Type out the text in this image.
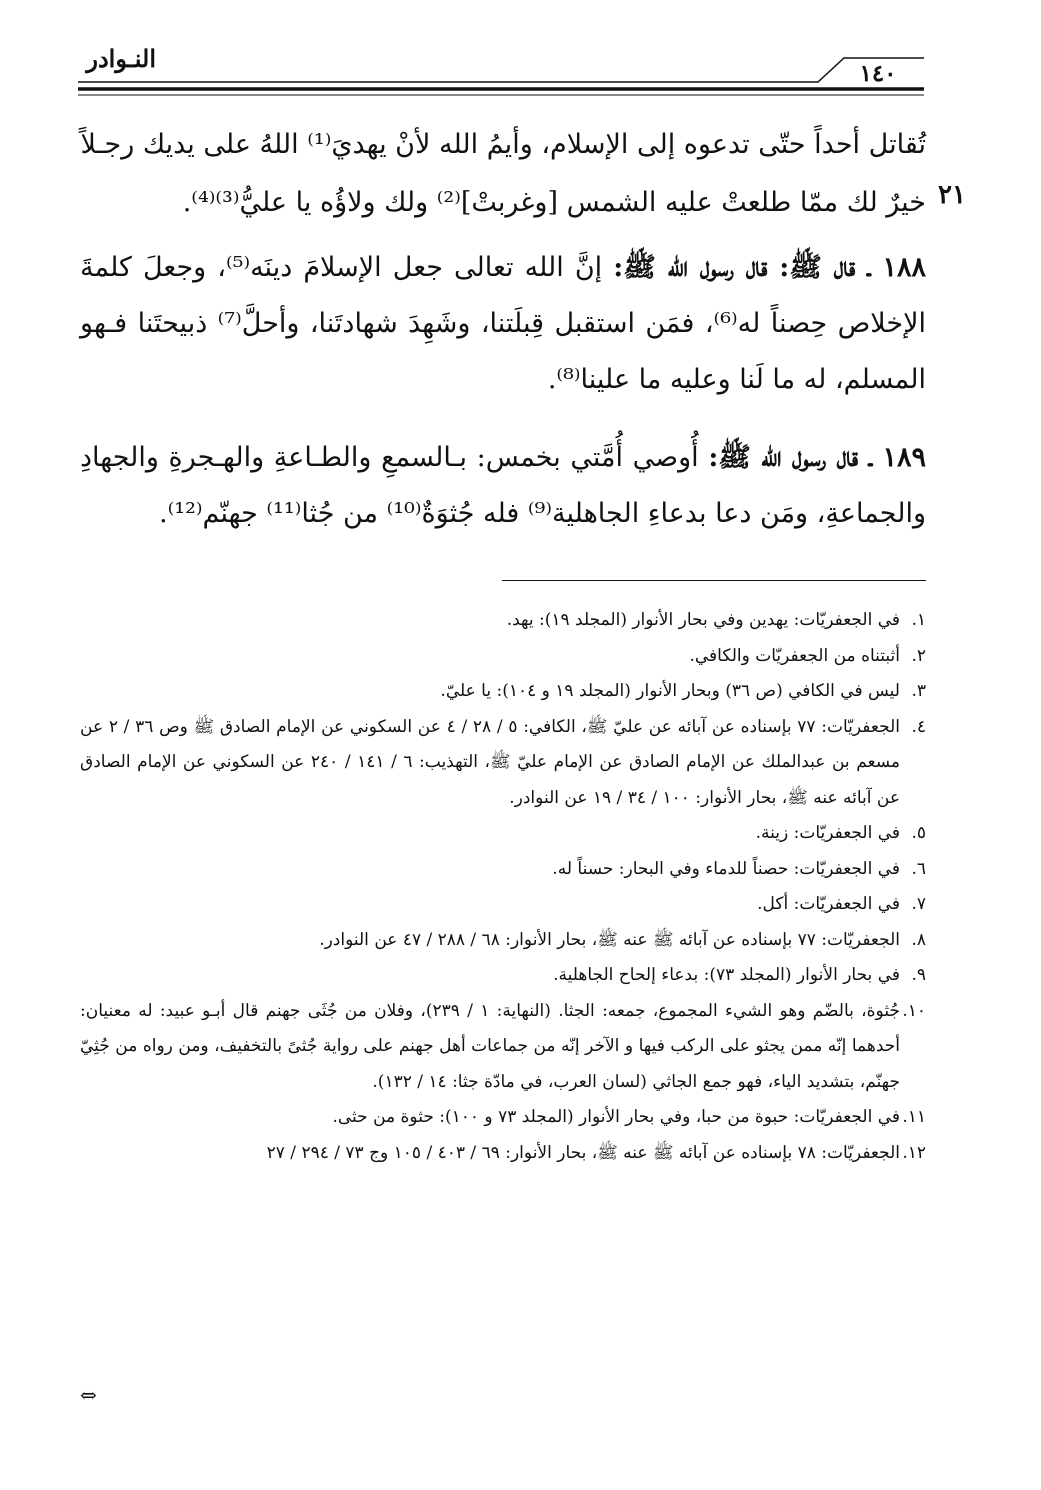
النـوادر
١٤٠
تُقاتل أحداً حتّى تدعوه إلى الإسلام، وأيمُ الله لأنْ يهديَ⁽¹⁾ اللهُ على يديك رجـلاً
خيرٌ لك ممّا طلعتْ عليه الشمس [وغربتْ]⁽²⁾ ولك ولاؤُه يا عليُّ⁽³⁾⁽⁴⁾. ٢١
١٨٨ ـ قال ﷺ: قال رسول الله ﷺ: إنَّ الله تعالى جعل الإسلامَ دينَه⁽⁵⁾، وجعلَ كلمةَ الإخلاص حِصناً له⁽⁶⁾، فمَن استقبل قِبلَتنا، وشَهِدَ شهادتَنا، وأحلَّ⁽⁷⁾ ذبيحتَنا فـهو المسلم، له ما لَنا وعليه ما علينا⁽⁸⁾.
١٨٩ ـ قال رسول الله ﷺ: أُوصي أُمَّتي بخمس: بـالسمعِ والطـاعةِ والهـجرةِ والجهادِ والجماعةِ، ومَن دعا بدعاءِ الجاهلية⁽⁹⁾ فله جُثوَةٌ⁽¹⁰⁾ من جُثا⁽¹¹⁾ جهنّم⁽¹²⁾.
١.
في الجعفريّات: يهدين وفي بحار الأنوار (المجلد ١٩): يهد.
٢.
أثبتناه من الجعفريّات والكافي.
٣.
ليس في الكافي (ص ٣٦) وبحار الأنوار (المجلد ١٩ و ١٠٤): يا عليّ.
٤.
الجعفريّات: ٧٧ بإسناده عن آبائه عن عليّ ﷺ، الكافي: ٥ / ٢٨ / ٤ عن السكوني عن الإمام الصادق ﷺ وص ٣٦ / ٢ عن مسعم بن عبدالملك عن الإمام الصادق عن الإمام عليّ ﷺ، التهذيب: ٦ / ١٤١ / ٢٤٠ عن السكوني عن الإمام الصادق عن آبائه عنه ﷺ، بحار الأنوار: ١٠٠ / ٣٤ / ١٩ عن النوادر.
٥.
في الجعفريّات: زينة.
٦.
في الجعفريّات: حصناً للدماء وفي البحار: حسناً له.
٧.
في الجعفريّات: أكل.
٨.
الجعفريّات: ٧٧ بإسناده عن آبائه ﷺ عنه ﷺ، بحار الأنوار: ٦٨ / ٢٨٨ / ٤٧ عن النوادر.
٩.
في بحار الأنوار (المجلد ٧٣): بدعاء إلحاح الجاهلية.
١٠.
جُثوة، بالضّم وهو الشيء المجموع، جمعه: الجثا. (النهاية: ١ / ٢٣٩)، وفلان من جُثَى جهنم قال أبـو عبيد: له معنيان: أحدهما إنّه ممن يجثو على الركب فيها و الآخر إنّه من جماعات أهل جهنم على رواية جُثىً بالتخفيف، ومن رواه من جُثِيّ جهنّم، بتشديد الياء، فهو جمع الجاثي (لسان العرب، في مادّة جثا: ١٤ / ١٣٢).
١١.
في الجعفريّات: حبوة من حبا، وفي بحار الأنوار (المجلد ٧٣ و ١٠٠): حثوة من حثى.
١٢.
الجعفريّات: ٧٨ بإسناده عن آبائه ﷺ عنه ﷺ، بحار الأنوار: ٦٩ / ٤٠٣ / ١٠٥ وج ٧٣ / ٢٩٤ / ٢٧
⇔
